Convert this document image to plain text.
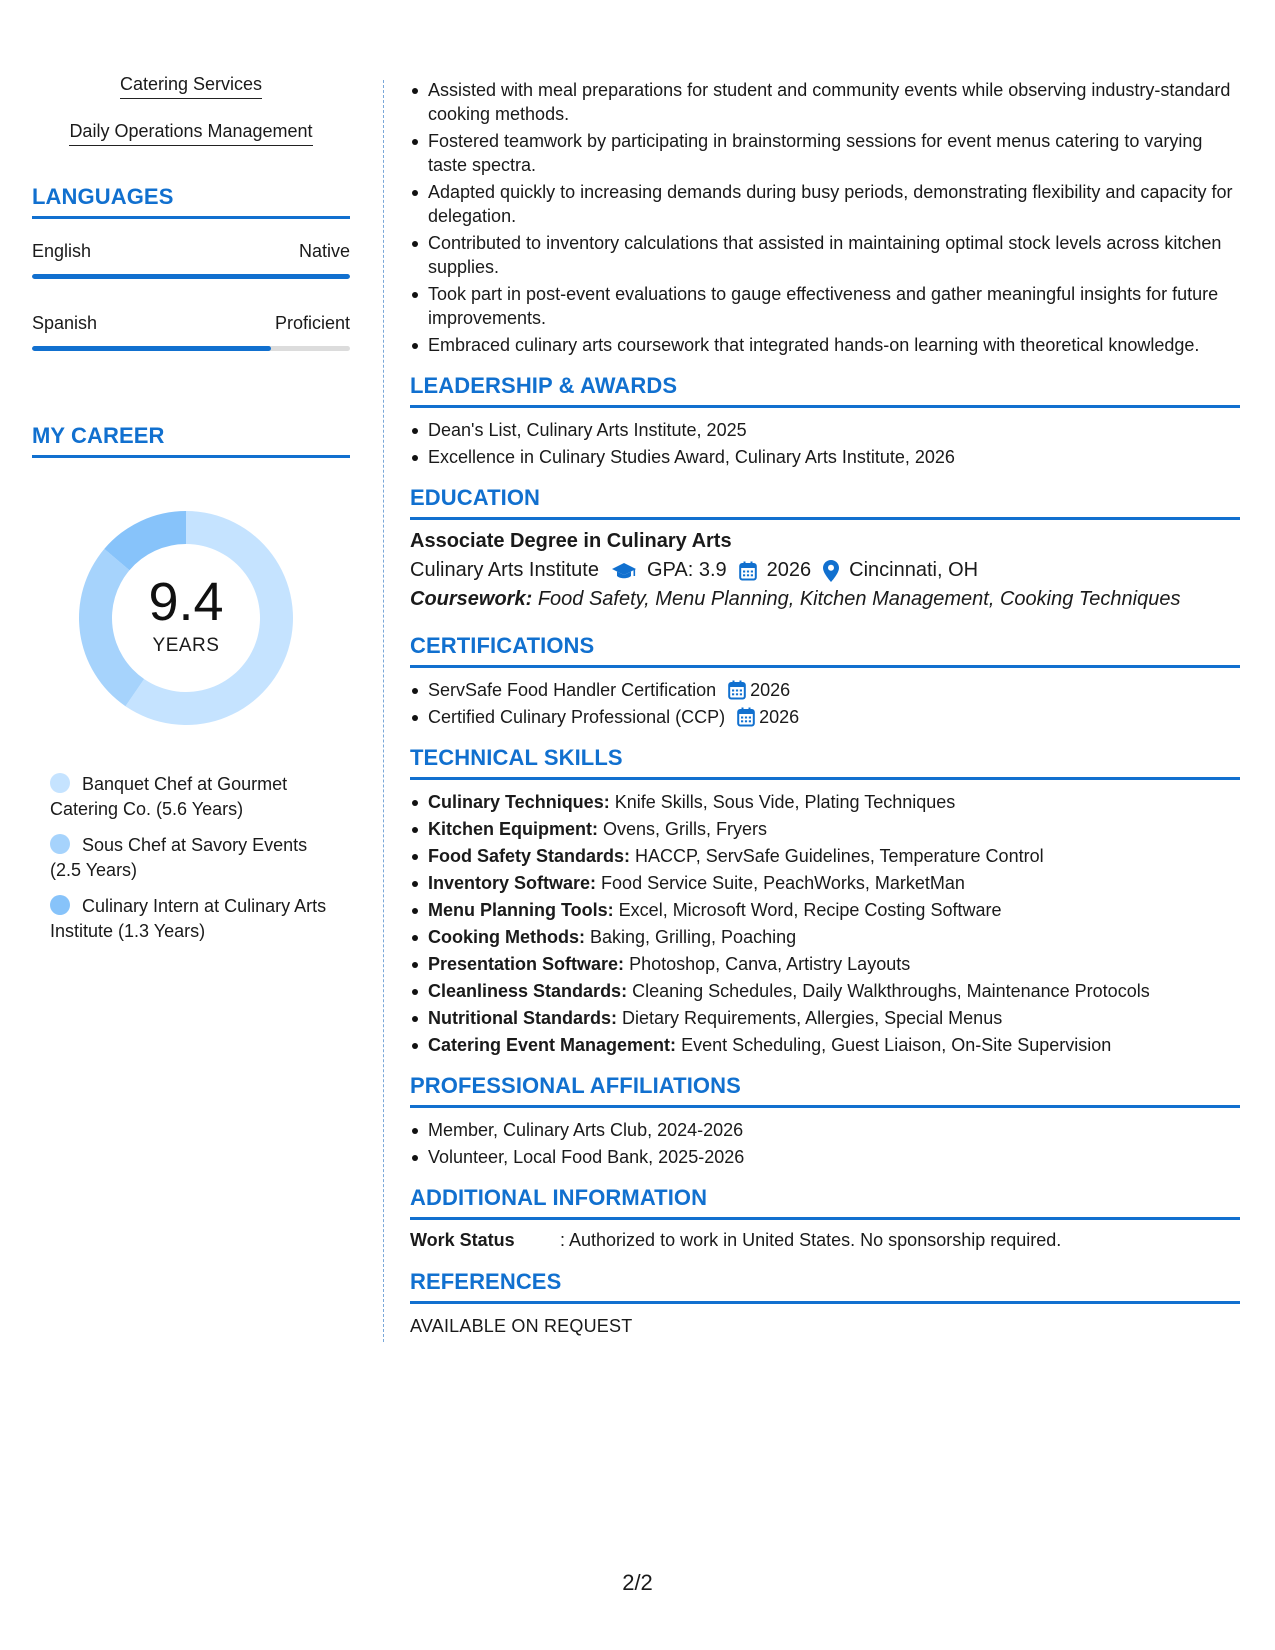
Catering Services
Daily Operations Management
LANGUAGES
English	Native
Spanish	Proficient
MY CAREER
9.4
YEARS
Banquet Chef at Gourmet Catering Co. (5.6 Years)
Sous Chef at Savory Events (2.5 Years)
Culinary Intern at Culinary Arts Institute (1.3 Years)
Assisted with meal preparations for student and community events while observing industry-standard cooking methods.
Fostered teamwork by participating in brainstorming sessions for event menus catering to varying taste spectra.
Adapted quickly to increasing demands during busy periods, demonstrating flexibility and capacity for delegation.
Contributed to inventory calculations that assisted in maintaining optimal stock levels across kitchen supplies.
Took part in post-event evaluations to gauge effectiveness and gather meaningful insights for future improvements.
Embraced culinary arts coursework that integrated hands-on learning with theoretical knowledge.
LEADERSHIP & AWARDS
Dean's List, Culinary Arts Institute, 2025
Excellence in Culinary Studies Award, Culinary Arts Institute, 2026
EDUCATION
Associate Degree in Culinary Arts
Culinary Arts Institute GPA: 3.9 2026 Cincinnati, OH
Coursework: Food Safety, Menu Planning, Kitchen Management, Cooking Techniques
CERTIFICATIONS
ServSafe Food Handler Certification 2026
Certified Culinary Professional (CCP) 2026
TECHNICAL SKILLS
Culinary Techniques: Knife Skills, Sous Vide, Plating Techniques
Kitchen Equipment: Ovens, Grills, Fryers
Food Safety Standards: HACCP, ServSafe Guidelines, Temperature Control
Inventory Software: Food Service Suite, PeachWorks, MarketMan
Menu Planning Tools: Excel, Microsoft Word, Recipe Costing Software
Cooking Methods: Baking, Grilling, Poaching
Presentation Software: Photoshop, Canva, Artistry Layouts
Cleanliness Standards: Cleaning Schedules, Daily Walkthroughs, Maintenance Protocols
Nutritional Standards: Dietary Requirements, Allergies, Special Menus
Catering Event Management: Event Scheduling, Guest Liaison, On-Site Supervision
PROFESSIONAL AFFILIATIONS
Member, Culinary Arts Club, 2024-2026
Volunteer, Local Food Bank, 2025-2026
ADDITIONAL INFORMATION
Work Status	: Authorized to work in United States. No sponsorship required.
REFERENCES
AVAILABLE ON REQUEST
2/2
